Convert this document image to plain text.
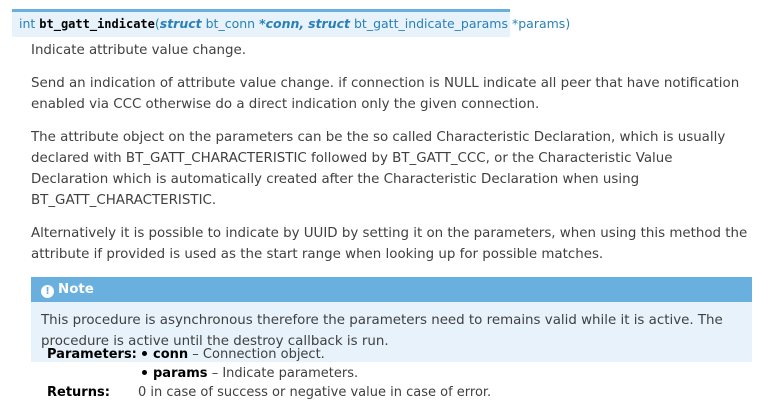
int bt_gatt_indicate(struct bt_conn *conn, struct bt_gatt_indicate_params *params)

Indicate attribute value change.

Send an indication of attribute value change. if connection is NULL indicate all peer that have notification enabled via CCC otherwise do a direct indication only the given connection.

The attribute object on the parameters can be the so called Characteristic Declaration, which is usually declared with BT_GATT_CHARACTERISTIC followed by BT_GATT_CCC, or the Characteristic Value Declaration which is automatically created after the Characteristic Declaration when using BT_GATT_CHARACTERISTIC.

Alternatively it is possible to indicate by UUID by setting it on the parameters, when using this method the attribute if provided is used as the start range when looking up for possible matches.

! Note
This procedure is asynchronous therefore the parameters need to remains valid while it is active. The procedure is active until the destroy callback is run.
Parameters:	conn – Connection object.
params – Indicate parameters.
Returns: 0 in case of success or negative value in case of error.
